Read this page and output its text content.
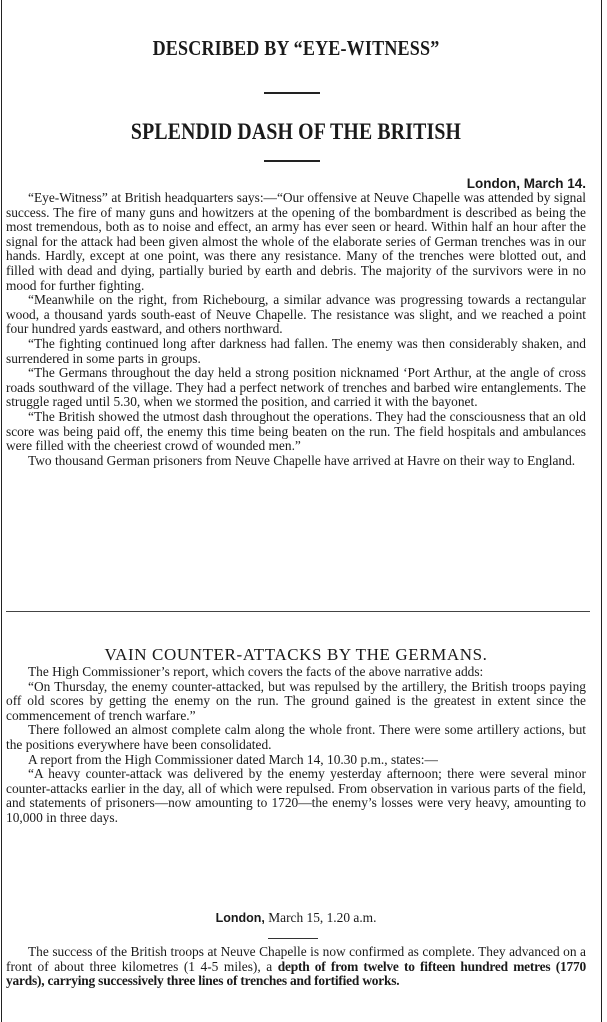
DESCRIBED BY “EYE-WITNESS”
SPLENDID DASH OF THE BRITISH
London, March 14.

“Eye-Witness” at British headquarters says:—“Our offensive at Neuve Chapelle was attended by signal success. The fire of many guns and howitzers at the opening of the bombardment is described as being the most tremendous, both as to noise and effect, an army has ever seen or heard. Within half an hour after the signal for the attack had been given almost the whole of the elaborate series of German trenches was in our hands. Hardly, except at one point, was there any resistance. Many of the trenches were blotted out, and filled with dead and dying, partially buried by earth and debris. The majority of the survivors were in no mood for further fighting.

“Meanwhile on the right, from Richebourg, a similar advance was progressing towards a rectangular wood, a thousand yards south-east of Neuve Chapelle. The resistance was slight, and we reached a point four hundred yards eastward, and others northward.

“The fighting continued long after darkness had fallen. The enemy was then considerably shaken, and surrendered in some parts in groups.

“The Germans throughout the day held a strong position nicknamed ‘Port Arthur, at the angle of cross roads southward of the village. They had a perfect network of trenches and barbed wire entanglements. The struggle raged until 5.30, when we stormed the position, and carried it with the bayonet.

“The British showed the utmost dash throughout the operations. They had the consciousness that an old score was being paid off, the enemy this time being beaten on the run. The field hospitals and ambulances were filled with the cheeriest crowd of wounded men.”

Two thousand German prisoners from Neuve Chapelle have arrived at Havre on their way to England.

VAIN COUNTER-ATTACKS BY THE GERMANS.

The High Commissioner’s report, which covers the facts of the above narrative adds:

“On Thursday, the enemy counter-attacked, but was repulsed by the artillery, the British troops paying off old scores by getting the enemy on the run. The ground gained is the greatest in extent since the commencement of trench warfare.”

There followed an almost complete calm along the whole front. There were some artillery actions, but the positions everywhere have been consolidated.

A report from the High Commissioner dated March 14, 10.30 p.m., states:—

“A heavy counter-attack was delivered by the enemy yesterday afternoon; there were several minor counter-attacks earlier in the day, all of which were repulsed. From observation in various parts of the field, and statements of prisoners—now amounting to 1720—the enemy’s losses were very heavy, amounting to 10,000 in three days.

London, March 15, 1.20 a.m.

The success of the British troops at Neuve Chapelle is now confirmed as complete. They advanced on a front of about three kilometres (1 4-5 miles), a depth of from twelve to fifteen hundred metres (1770 yards), carrying successively three lines of trenches and fortified works.
